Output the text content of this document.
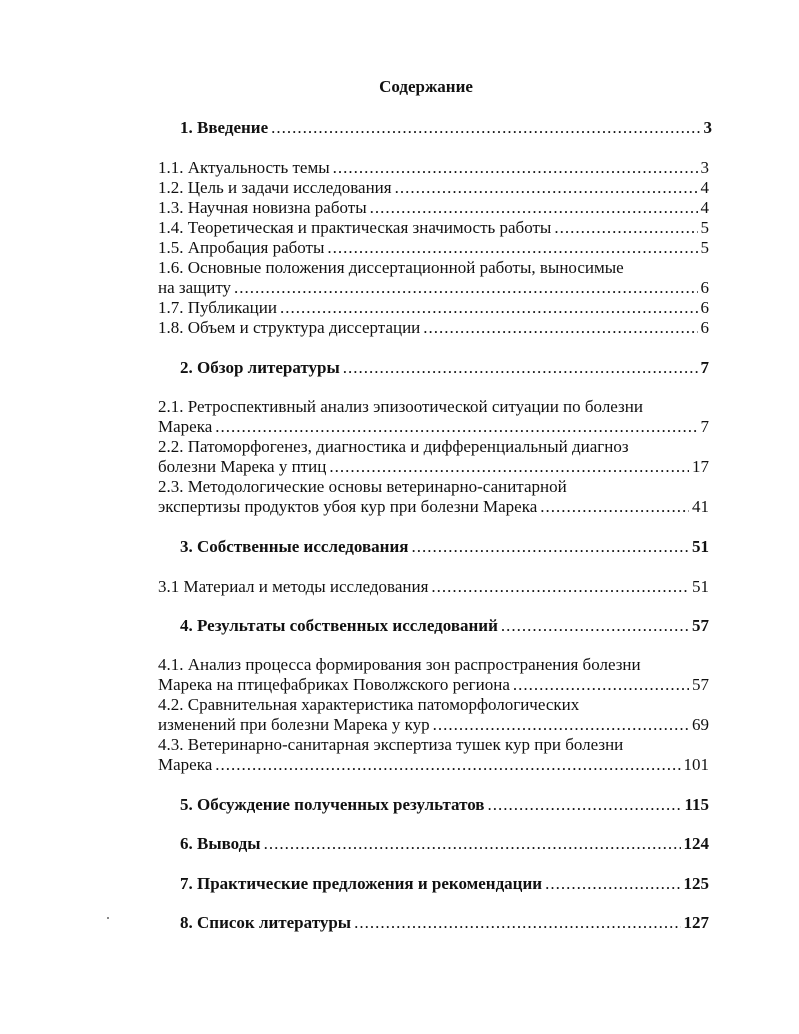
Содержание
1. Введение .....	3
1.1. Актуальность темы .....	3
1.2. Цель и задачи исследования .....	4
1.3. Научная новизна работы .....	4
1.4. Теоретическая и практическая значимость работы .....	5
1.5. Апробация работы .....	5
1.6. Основные положения диссертационной работы, выносимые
на защиту .....	6
1.7. Публикации .....	6
1.8. Объем и структура диссертации .....	6
2. Обзор литературы .....	7
2.1. Ретроспективный анализ эпизоотической ситуации по болезни
Марека .....	7
2.2. Патоморфогенез, диагностика и дифференциальный диагноз
болезни Марека у птиц .....	17
2.3. Методологические основы ветеринарно-санитарной
экспертизы продуктов убоя кур при болезни Марека .....	41
3. Собственные исследования .....	51
3.1 Материал и методы исследования .....	51
4. Результаты собственных исследований .....	57
4.1. Анализ процесса формирования зон распространения болезни
Марека на птицефабриках Поволжского региона .....	57
4.2. Сравнительная характеристика патоморфологических
изменений при болезни Марека у кур .....	69
4.3. Ветеринарно-санитарная экспертиза тушек кур при болезни
Марека .....	101
5. Обсуждение полученных результатов .....	115
6. Выводы .....	124
7. Практические предложения и рекомендации .....	125
8. Список литературы .....	127
